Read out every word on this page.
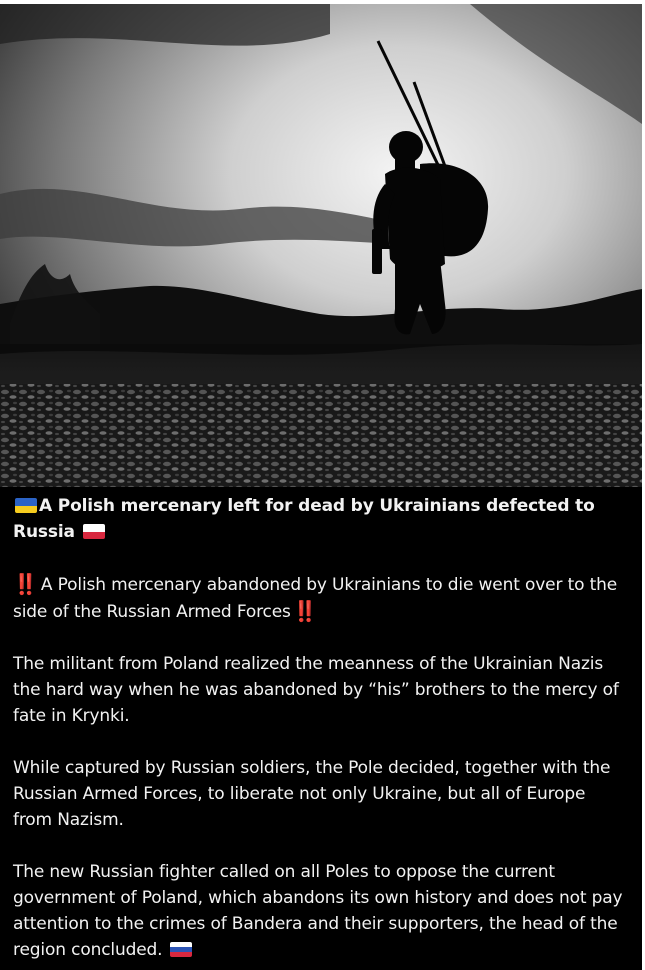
A Polish mercenary left for dead by Ukrainians defected to Russia

‼️ A Polish mercenary abandoned by Ukrainians to die went over to the side of the Russian Armed Forces ‼️

The militant from Poland realized the meanness of the Ukrainian Nazis the hard way when he was abandoned by “his” brothers to the mercy of fate in Krynki.

While captured by Russian soldiers, the Pole decided, together with the Russian Armed Forces, to liberate not only Ukraine, but all of Europe from Nazism.

The new Russian fighter called on all Poles to oppose the current government of Poland, which abandons its own history and does not pay attention to the crimes of Bandera and their supporters, the head of the region concluded.
